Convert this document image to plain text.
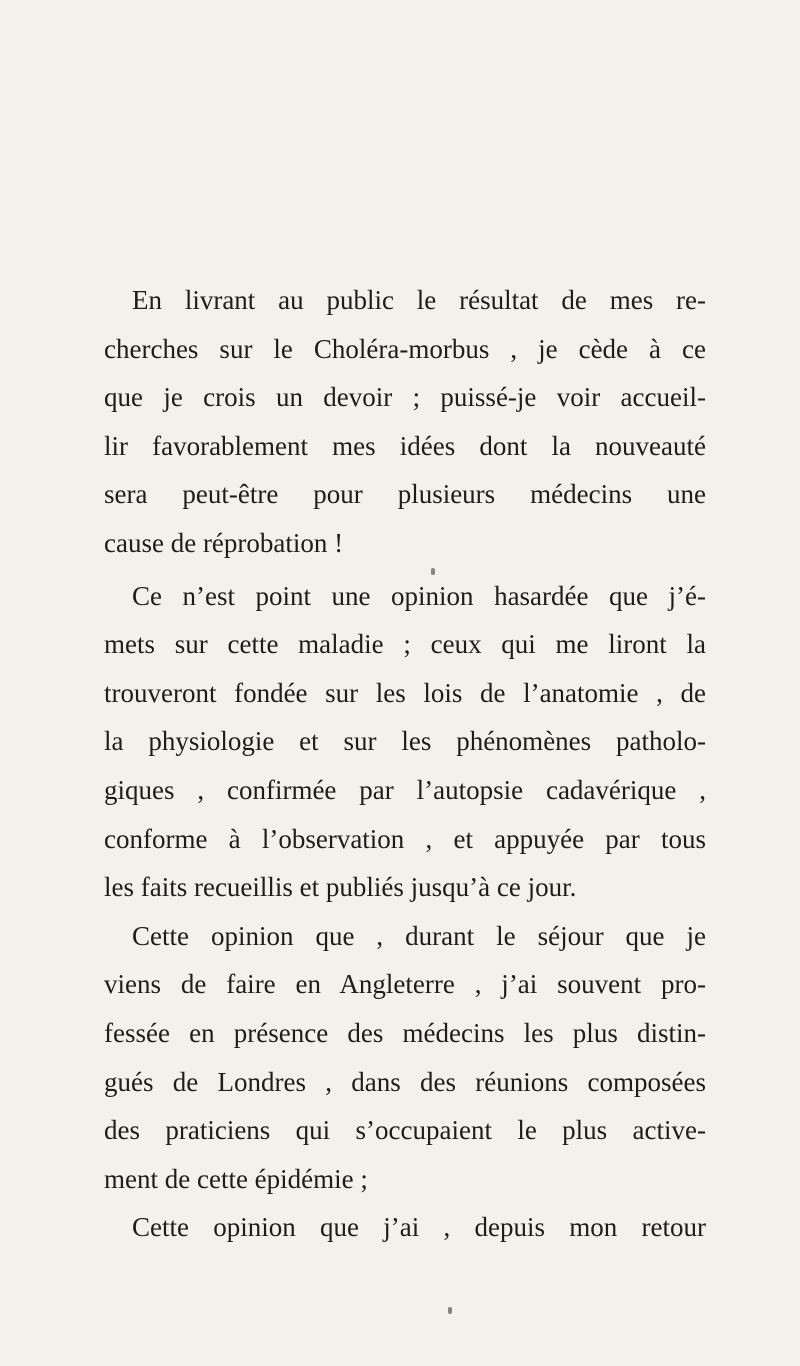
En livrant au public le résultat de mes re-
cherches sur le Choléra-morbus , je cède à ce
que je crois un devoir ; puissé-je voir accueil-
lir favorablement mes idées dont la nouveauté
sera peut-être pour plusieurs médecins une
cause de réprobation !
Ce n’est point une opinion hasardée que j’é-
mets sur cette maladie ; ceux qui me liront la
trouveront fondée sur les lois de l’anatomie , de
la physiologie et sur les phénomènes patholo-
giques , confirmée par l’autopsie cadavérique ,
conforme à l’observation , et appuyée par tous
les faits recueillis et publiés jusqu’à ce jour.
Cette opinion que , durant le séjour que je
viens de faire en Angleterre , j’ai souvent pro-
fessée en présence des médecins les plus distin-
gués de Londres , dans des réunions composées
des praticiens qui s’occupaient le plus active-
ment de cette épidémie ;
Cette opinion que j’ai , depuis mon retour
